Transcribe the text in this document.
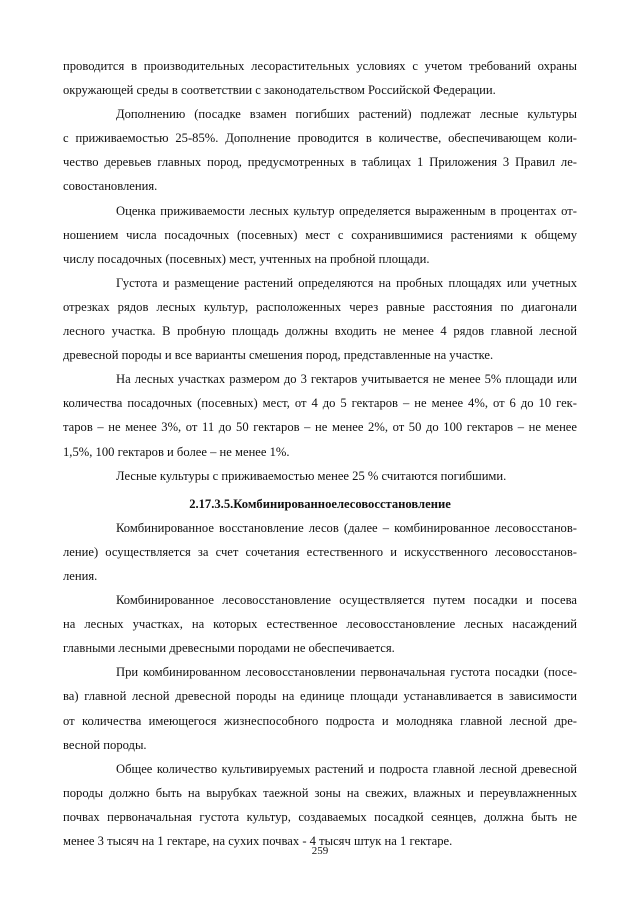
проводится в производительных лесорастительных условиях с учетом требований охраны
окружающей среды в соответствии с законодательством Российской Федерации.
Дополнению (посадке взамен погибших растений) подлежат лесные культуры
с приживаемостью 25-85%. Дополнение проводится в количестве, обеспечивающем коли-
чество деревьев главных пород, предусмотренных в таблицах 1 Приложения 3 Правил ле-
совостановления.
Оценка приживаемости лесных культур определяется выраженным в процентах от-
ношением числа посадочных (посевных) мест с сохранившимися растениями к общему
числу посадочных (посевных) мест, учтенных на пробной площади.
Густота и размещение растений определяются на пробных площадях или учетных
отрезках рядов лесных культур, расположенных через равные расстояния по диагонали
лесного участка. В пробную площадь должны входить не менее 4 рядов главной лесной
древесной породы и все варианты смешения пород, представленные на участке.
На лесных участках размером до 3 гектаров учитывается не менее 5% площади или
количества посадочных (посевных) мест, от 4 до 5 гектаров – не менее 4%, от 6 до 10 гек-
таров – не менее 3%, от 11 до 50 гектаров – не менее 2%, от 50 до 100 гектаров – не менее
1,5%, 100 гектаров и более – не менее 1%.
Лесные культуры с приживаемостью менее 25 % считаются погибшими.
2.17.3.5.Комбинированноелесовосстановление
Комбинированное восстановление лесов (далее – комбинированное лесовосстанов-
ление) осуществляется за счет сочетания естественного и искусственного лесовосстанов-
ления.
Комбинированное лесовосстановление осуществляется путем посадки и посева
на лесных участках, на которых естественное лесовосстановление лесных насаждений
главными лесными древесными породами не обеспечивается.
При комбинированном лесовосстановлении первоначальная густота посадки (посе-
ва) главной лесной древесной породы на единице площади устанавливается в зависимости
от количества имеющегося жизнеспособного подроста и молодняка главной лесной дре-
весной породы.
Общее количество культивируемых растений и подроста главной лесной древесной
породы должно быть на вырубках таежной зоны на свежих, влажных и переувлажненных
почвах первоначальная густота культур, создаваемых посадкой сеянцев, должна быть не
менее 3 тысяч на 1 гектаре, на сухих почвах - 4 тысяч штук на 1 гектаре.
259
